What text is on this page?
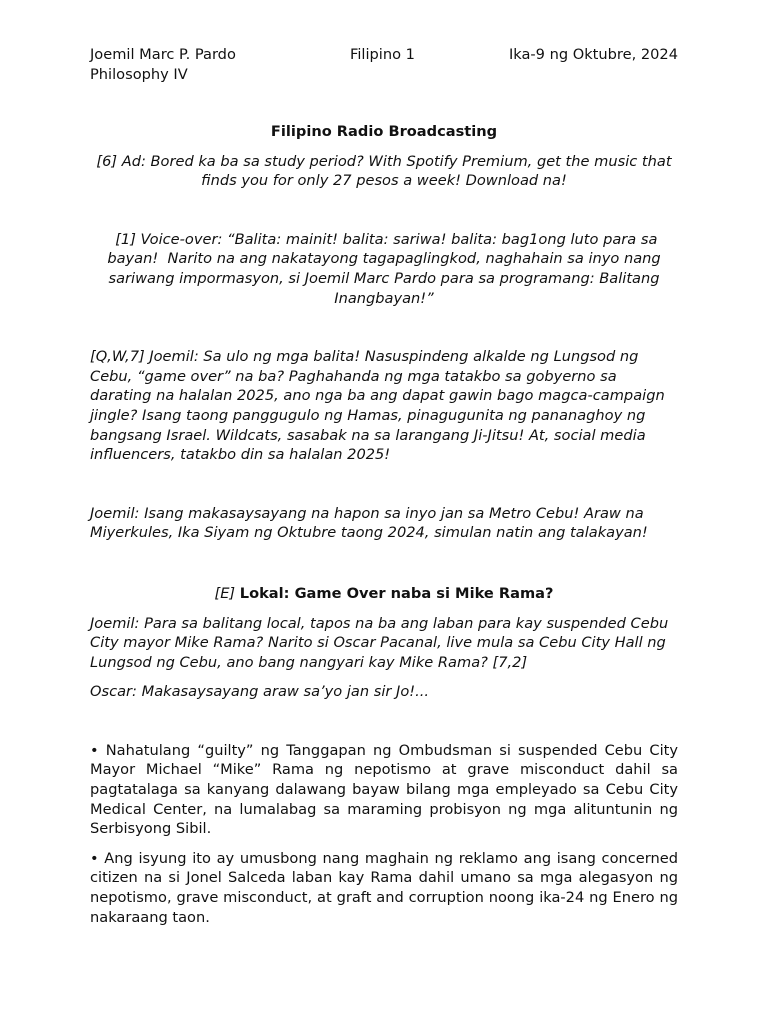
Joemil Marc P. Pardo
Philosophy IV
Filipino 1	Ika-9 ng Oktubre, 2024

Filipino Radio Broadcasting

[6] Ad: Bored ka ba sa study period? With Spotify Premium, get the music that finds you for only 27 pesos a week! Download na!

[1] Voice-over: “Balita: mainit! balita: sariwa! balita: bag1ong luto para sa bayan!  Narito na ang nakatayong tagapaglingkod, naghahain sa inyo nang sariwang impormasyon, si Joemil Marc Pardo para sa programang: Balitang Inangbayan!”

[Q,W,7] Joemil: Sa ulo ng mga balita! Nasuspindeng alkalde ng Lungsod ng Cebu, “game over” na ba? Paghahanda ng mga tatakbo sa gobyerno sa darating na halalan 2025, ano nga ba ang dapat gawin bago magca-campaign jingle? Isang taong panggugulo ng Hamas, pinagugunita ng pananaghoy ng bangsang Israel. Wildcats, sasabak na sa larangang Ji-Jitsu! At, social media influencers, tatakbo din sa halalan 2025!

Joemil: Isang makasaysayang na hapon sa inyo jan sa Metro Cebu! Araw na Miyerkules, Ika Siyam ng Oktubre taong 2024, simulan natin ang talakayan!

[E] Lokal: Game Over naba si Mike Rama?

Joemil: Para sa balitang local, tapos na ba ang laban para kay suspended Cebu City mayor Mike Rama? Narito si Oscar Pacanal, live mula sa Cebu City Hall ng Lungsod ng Cebu, ano bang nangyari kay Mike Rama? [7,2]

Oscar: Makasaysayang araw sa’yo jan sir Jo!...

• Nahatulang “guilty” ng Tanggapan ng Ombudsman si suspended Cebu City Mayor Michael “Mike” Rama ng nepotismo at grave misconduct dahil sa pagtatalaga sa kanyang dalawang bayaw bilang mga empleyado sa Cebu City Medical Center, na lumalabag sa maraming probisyon ng mga alituntunin ng Serbisyong Sibil.

• Ang isyung ito ay umusbong nang maghain ng reklamo ang isang concerned citizen na si Jonel Salceda laban kay Rama dahil umano sa mga alegasyon ng nepotismo, grave misconduct, at graft and corruption noong ika-24 ng Enero ng nakaraang taon.
